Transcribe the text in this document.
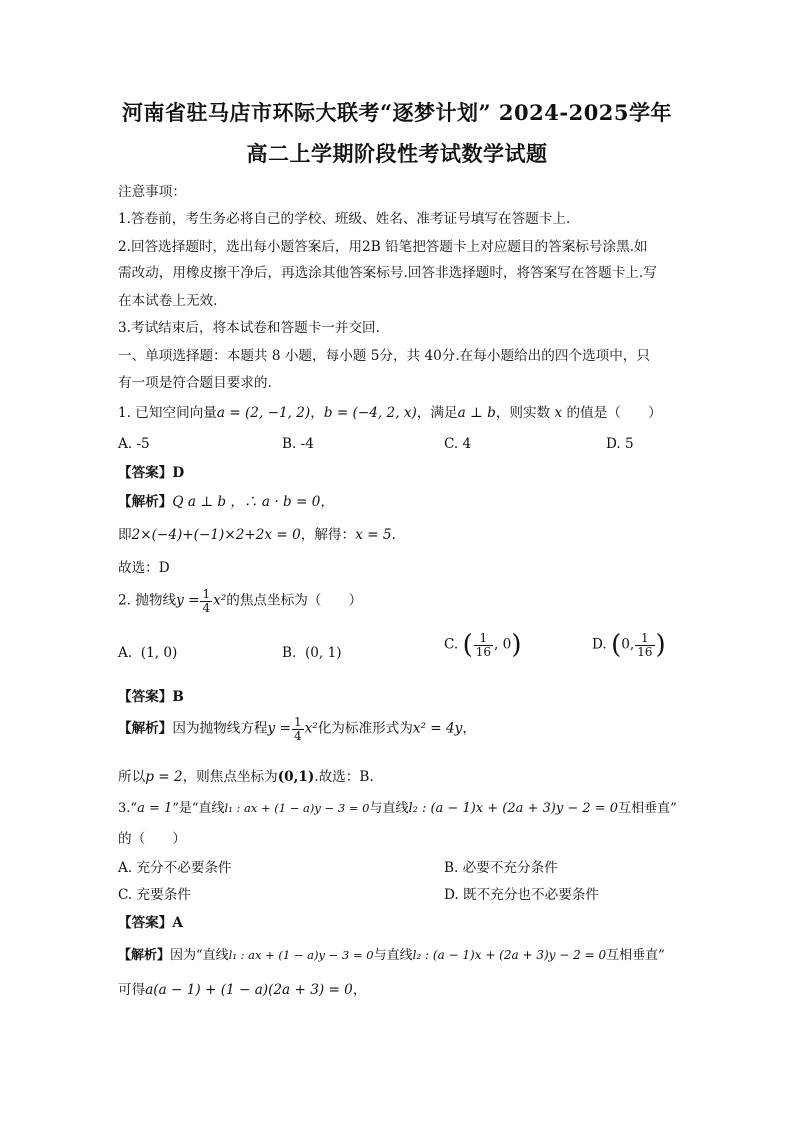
河南省驻马店市环际大联考“逐梦计划” 2024-2025学年
高二上学期阶段性考试数学试题
注意事项：
1.答卷前，考生务必将自己的学校、班级、姓名、准考证号填写在答题卡上.
2.回答选择题时，选出每小题答案后，用2B 铅笔把答题卡上对应题目的答案标号涂黑.如
需改动，用橡皮擦干净后，再选涂其他答案标号.回答非选择题时，将答案写在答题卡上.写
在本试卷上无效.
3.考试结束后，将本试卷和答题卡一并交回.
一、单项选择题：本题共 8 小题，每小题 5分，共 40分.在每小题给出的四个选项中，只
有一项是符合题目要求的.
1. 已知空间向量a = (2, −1, 2)，b = (−4, 2, x)，满足a ⊥ b，则实数 x 的值是（　　）
A. -5	B. -4	C. 4	D. 5
【答案】D
【解析】Q a ⊥ b ，∴ a · b = 0，
即2×(−4)+(−1)×2+2x = 0，解得：x = 5.
故选：D
2. 抛物线$y = \frac{1}{4} x^2$的焦点坐标为（　　）
A. (1, 0)	B. (0, 1)
C. ( $\frac{1}{16}$ , 0)	D. (0, $\frac{1}{16}$ )
【答案】B
【解析】因为抛物线方程$y = \frac{1}{4} x^2$化为标准形式为x² = 4y，
所以p = 2，则焦点坐标为(0,1).故选：B.
3.“a = 1”是“直线l₁ : ax + (1 − a)y − 3 = 0与直线l₂ : (a − 1)x + (2a + 3)y − 2 = 0互相垂直”
的（　　）
A. 充分不必要条件	B. 必要不充分条件
C. 充要条件	D. 既不充分也不必要条件
【答案】A
【解析】因为“直线l₁ : ax + (1 − a)y − 3 = 0与直线l₂ : (a − 1)x + (2a + 3)y − 2 = 0互相垂直”
可得a(a − 1) + (1 − a)(2a + 3) = 0，
